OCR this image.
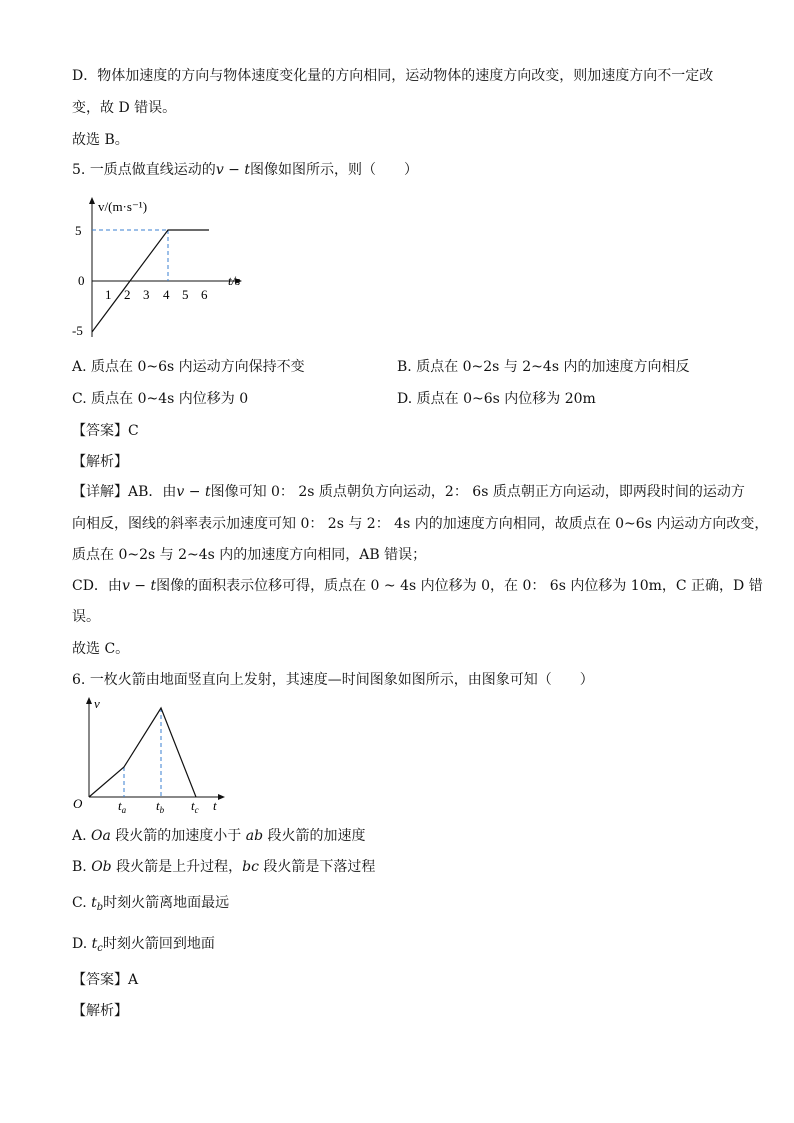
D．物体加速度的方向与物体速度变化量的方向相同，运动物体的速度方向改变，则加速度方向不一定改
变，故 D 错误。
故选 B。
5. 一质点做直线运动的v − t图像如图所示，则（　　）
v/(m·s⁻¹)
5
0
-5
1 2 3 4 5 6
t/s
A. 质点在 0~6s 内运动方向保持不变	B. 质点在 0~2s 与 2~4s 内的加速度方向相反
C. 质点在 0~4s 内位移为 0	D. 质点在 0~6s 内位移为 20m
【答案】C
【解析】
【详解】AB．由v − t图像可知 0： 2s 质点朝负方向运动，2： 6s 质点朝正方向运动，即两段时间的运动方
向相反，图线的斜率表示加速度可知 0： 2s 与 2： 4s 内的加速度方向相同，故质点在 0~6s 内运动方向改变，
质点在 0~2s 与 2~4s 内的加速度方向相同，AB 错误；
CD．由v − t图像的面积表示位移可得，质点在 0 ~ 4s 内位移为 0，在 0： 6s 内位移为 10m，C 正确，D 错
误。
故选 C。
6. 一枚火箭由地面竖直向上发射，其速度—时间图象如图所示，由图象可知（　　）
v
O	$t_a$ $t_b$ $t_c$ t
A. Oa 段火箭的加速度小于 ab 段火箭的加速度
B. Ob 段火箭是上升过程，bc 段火箭是下落过程
C. $t_b$时刻火箭离地面最远
D. $t_c$时刻火箭回到地面
【答案】A
【解析】
